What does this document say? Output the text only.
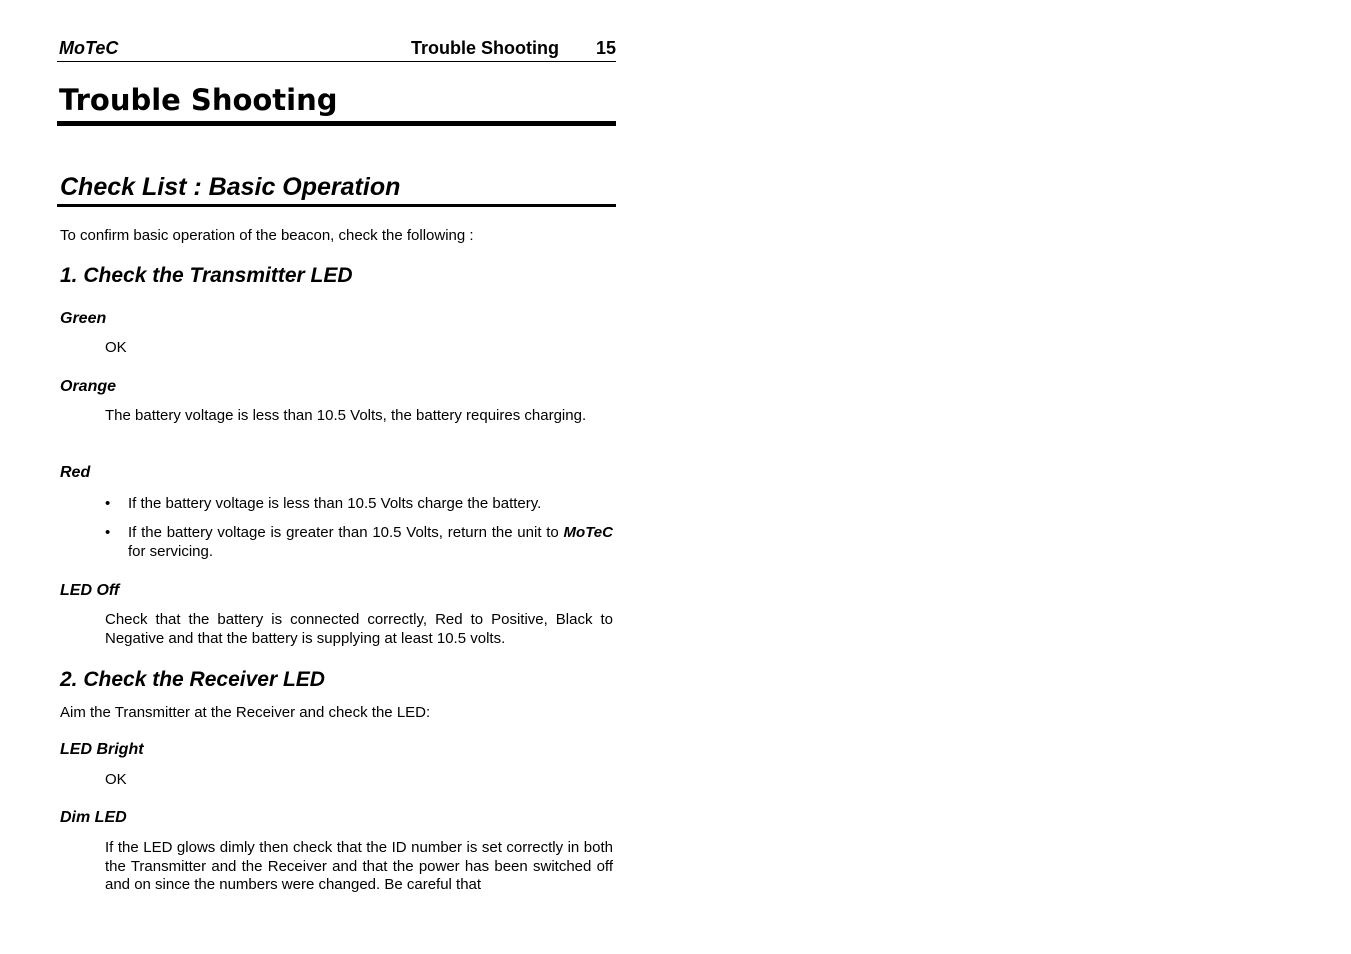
MoTeC	Trouble Shooting 15
Trouble Shooting
Check List : Basic Operation
To confirm basic operation of the beacon, check the following :
1. Check the Transmitter LED
Green
OK
Orange
The battery voltage is less than 10.5 Volts, the battery requires charging.
Red
• If the battery voltage is less than 10.5 Volts charge the battery.
• If the battery voltage is greater than 10.5 Volts, return the unit to MoTeC for servicing.
LED Off
Check that the battery is connected correctly, Red to Positive, Black to Negative and that the battery is supplying at least 10.5 volts.
2. Check the Receiver LED
Aim the Transmitter at the Receiver and check the LED:
LED Bright
OK
Dim LED
If the LED glows dimly then check that the ID number is set correctly in both the Transmitter and the Receiver and that the power has been switched off and on since the numbers were changed. Be careful that
